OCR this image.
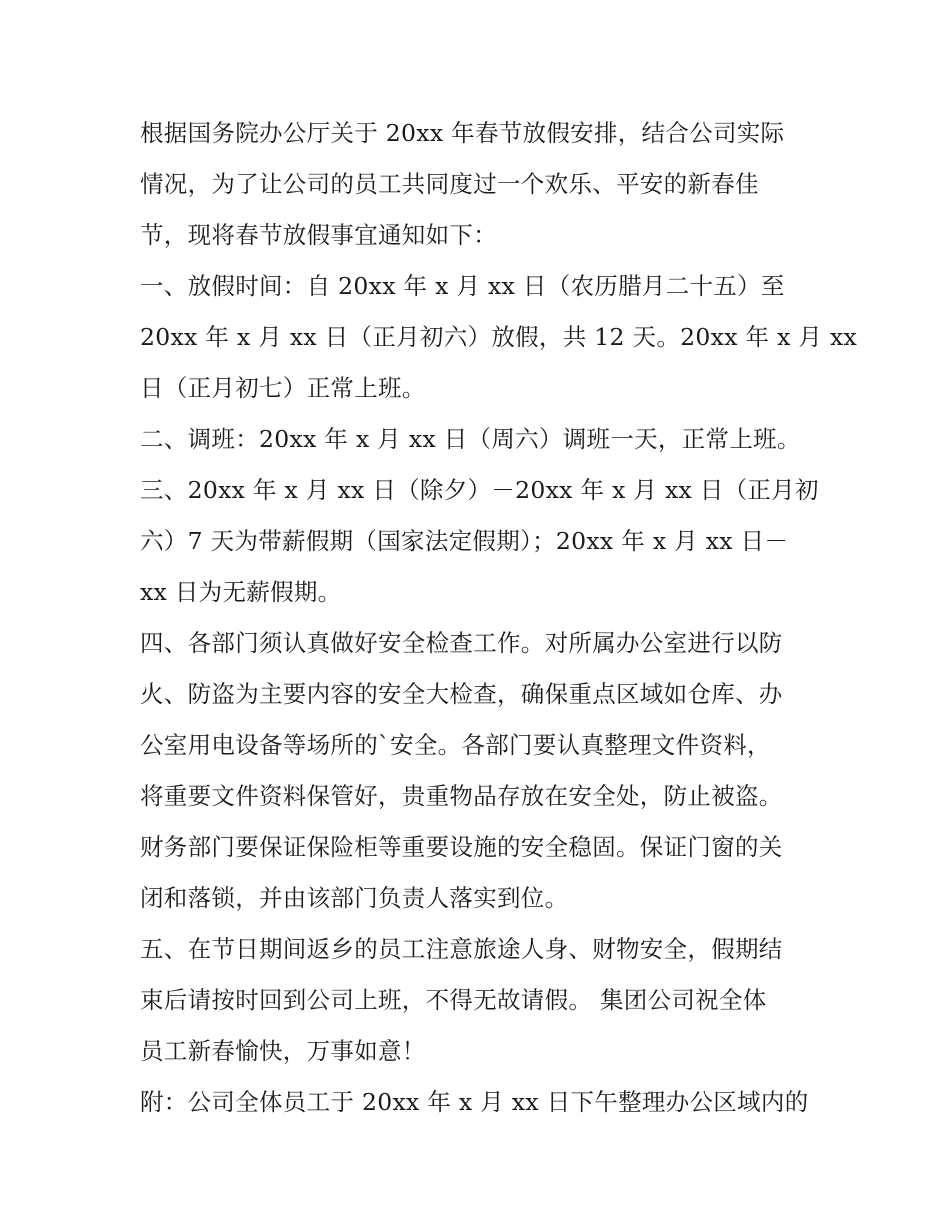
根据国务院办公厅关于 20xx 年春节放假安排，结合公司实际
情况，为了让公司的员工共同度过一个欢乐、平安的新春佳
节，现将春节放假事宜通知如下：
一、放假时间：自 20xx 年 x 月 xx 日（农历腊月二十五）至
20xx 年 x 月 xx 日（正月初六）放假，共 12 天。20xx 年 x 月 xx
日（正月初七）正常上班。
二、调班：20xx 年 x 月 xx 日（周六）调班一天，正常上班。
三、20xx 年 x 月 xx 日（除夕）－20xx 年 x 月 xx 日（正月初
六）7 天为带薪假期（国家法定假期）；20xx 年 x 月 xx 日－
xx 日为无薪假期。
四、各部门须认真做好安全检查工作。对所属办公室进行以防
火、防盗为主要内容的安全大检查，确保重点区域如仓库、办
公室用电设备等场所的`安全。各部门要认真整理文件资料，
将重要文件资料保管好，贵重物品存放在安全处，防止被盗。
财务部门要保证保险柜等重要设施的安全稳固。保证门窗的关
闭和落锁，并由该部门负责人落实到位。
五、在节日期间返乡的员工注意旅途人身、财物安全，假期结
束后请按时回到公司上班，不得无故请假。 集团公司祝全体
员工新春愉快，万事如意！
附：公司全体员工于 20xx 年 x 月 xx 日下午整理办公区域内的
